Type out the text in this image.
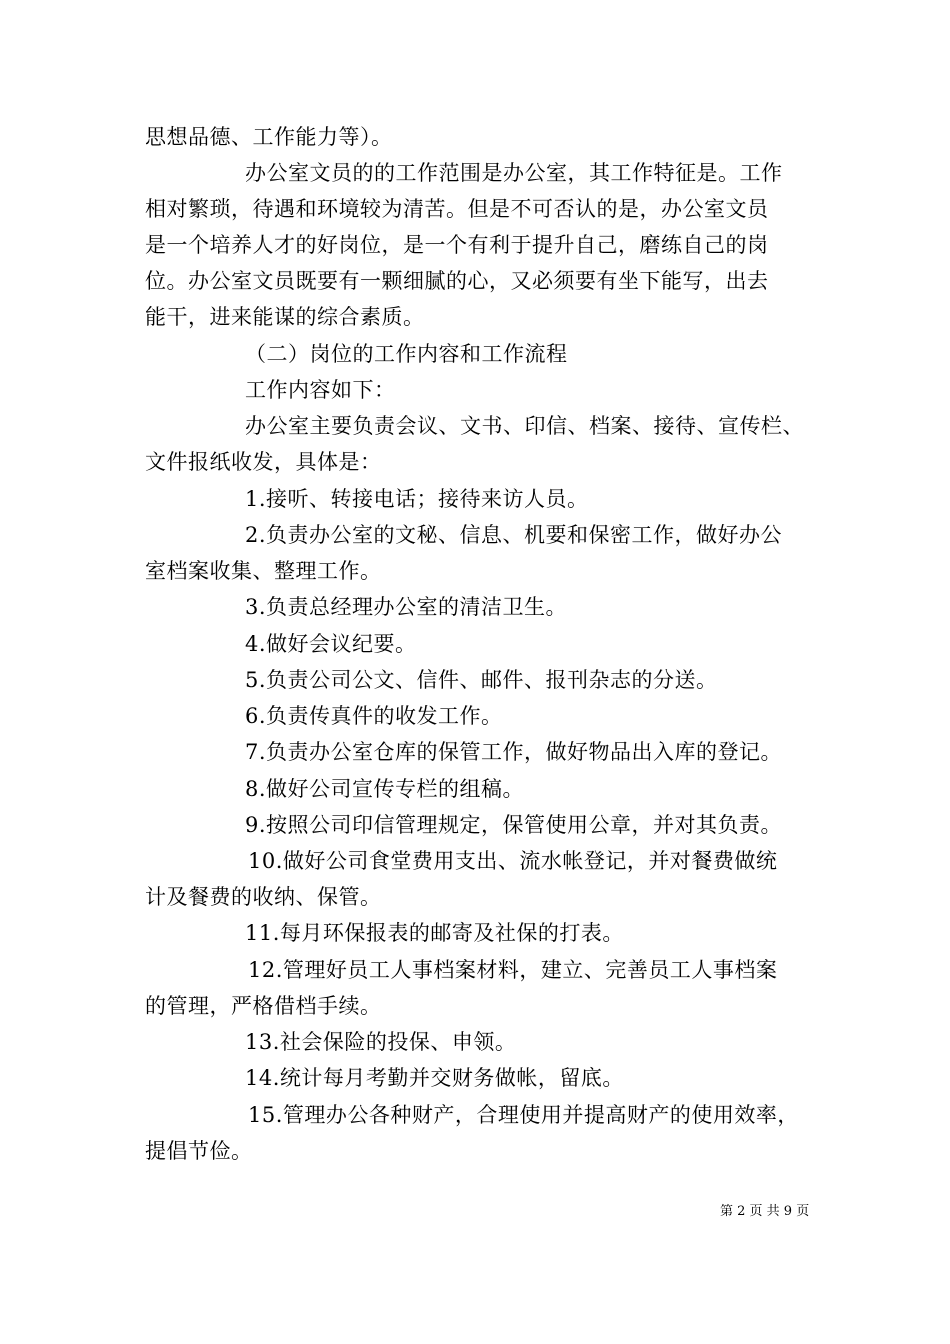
思想品德、工作能力等）。
办公室文员的的工作范围是办公室，其工作特征是。工作
相对繁琐，待遇和环境较为清苦。但是不可否认的是，办公室文员
是一个培养人才的好岗位，是一个有利于提升自己，磨练自己的岗
位。办公室文员既要有一颗细腻的心，又必须要有坐下能写，出去
能干，进来能谋的综合素质。
（二）岗位的工作内容和工作流程
工作内容如下：
办公室主要负责会议、文书、印信、档案、接待、宣传栏、
文件报纸收发，具体是：
1.接听、转接电话；接待来访人员。
2.负责办公室的文秘、信息、机要和保密工作，做好办公
室档案收集、整理工作。
3.负责总经理办公室的清洁卫生。
4.做好会议纪要。
5.负责公司公文、信件、邮件、报刊杂志的分送。
6.负责传真件的收发工作。
7.负责办公室仓库的保管工作，做好物品出入库的登记。
8.做好公司宣传专栏的组稿。
9.按照公司印信管理规定，保管使用公章，并对其负责。
10.做好公司食堂费用支出、流水帐登记，并对餐费做统
计及餐费的收纳、保管。
11.每月环保报表的邮寄及社保的打表。
12.管理好员工人事档案材料，建立、完善员工人事档案
的管理，严格借档手续。
13.社会保险的投保、申领。
14.统计每月考勤并交财务做帐，留底。
15.管理办公各种财产，合理使用并提高财产的使用效率，
提倡节俭。
第 2 页 共 9 页
